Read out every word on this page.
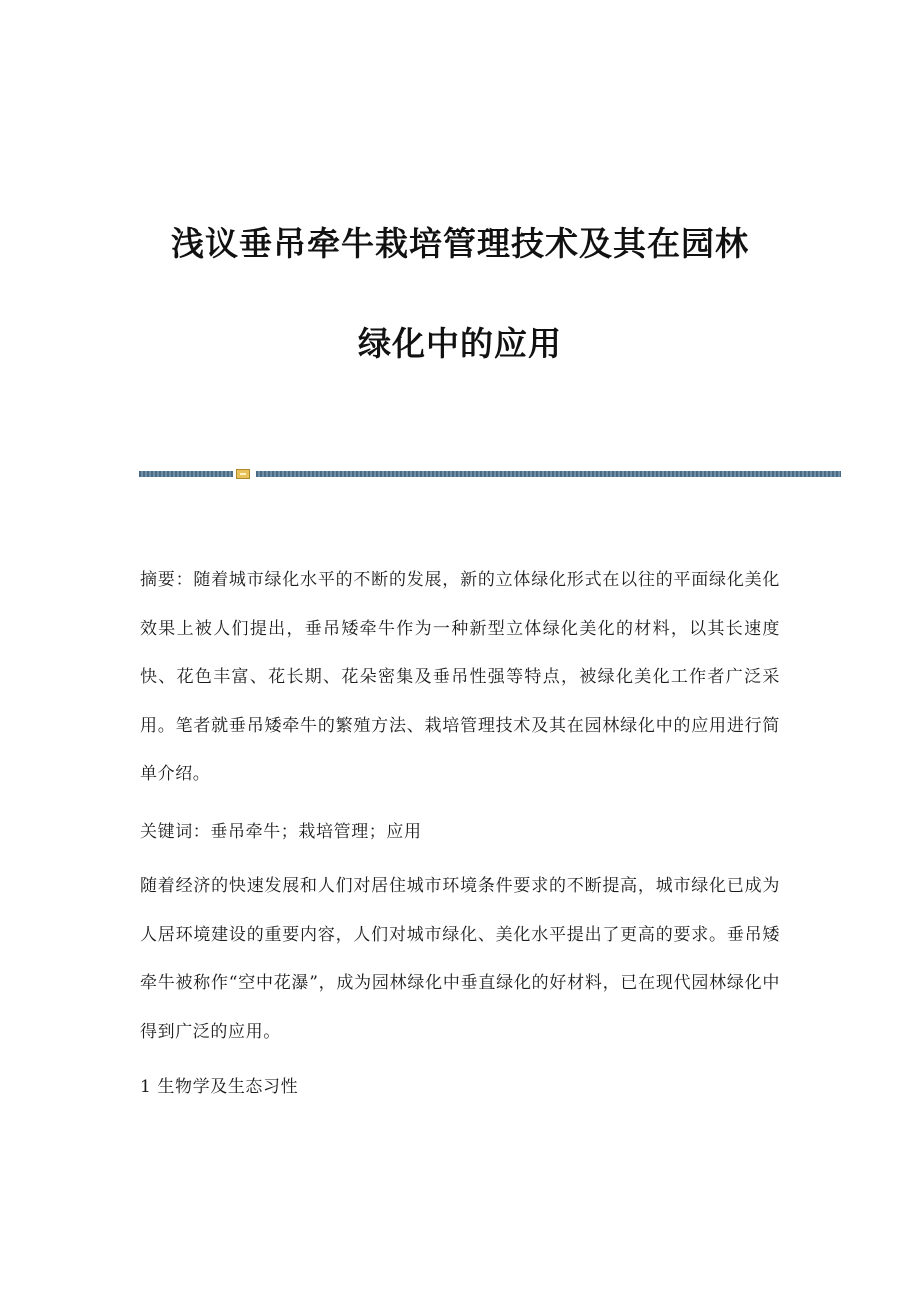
浅议垂吊牵牛栽培管理技术及其在园林
绿化中的应用

摘要：随着城市绿化水平的不断的发展，新的立体绿化形式在以往的平面绿化美化效果上被人们提出，垂吊矮牵牛作为一种新型立体绿化美化的材料，以其长速度快、花色丰富、花长期、花朵密集及垂吊性强等特点，被绿化美化工作者广泛采用。笔者就垂吊矮牵牛的繁殖方法、栽培管理技术及其在园林绿化中的应用进行简单介绍。

关键词：垂吊牵牛；栽培管理；应用

随着经济的快速发展和人们对居住城市环境条件要求的不断提高，城市绿化已成为人居环境建设的重要内容，人们对城市绿化、美化水平提出了更高的要求。垂吊矮牵牛被称作“空中花瀑”，成为园林绿化中垂直绿化的好材料，已在现代园林绿化中得到广泛的应用。

1 生物学及生态习性
